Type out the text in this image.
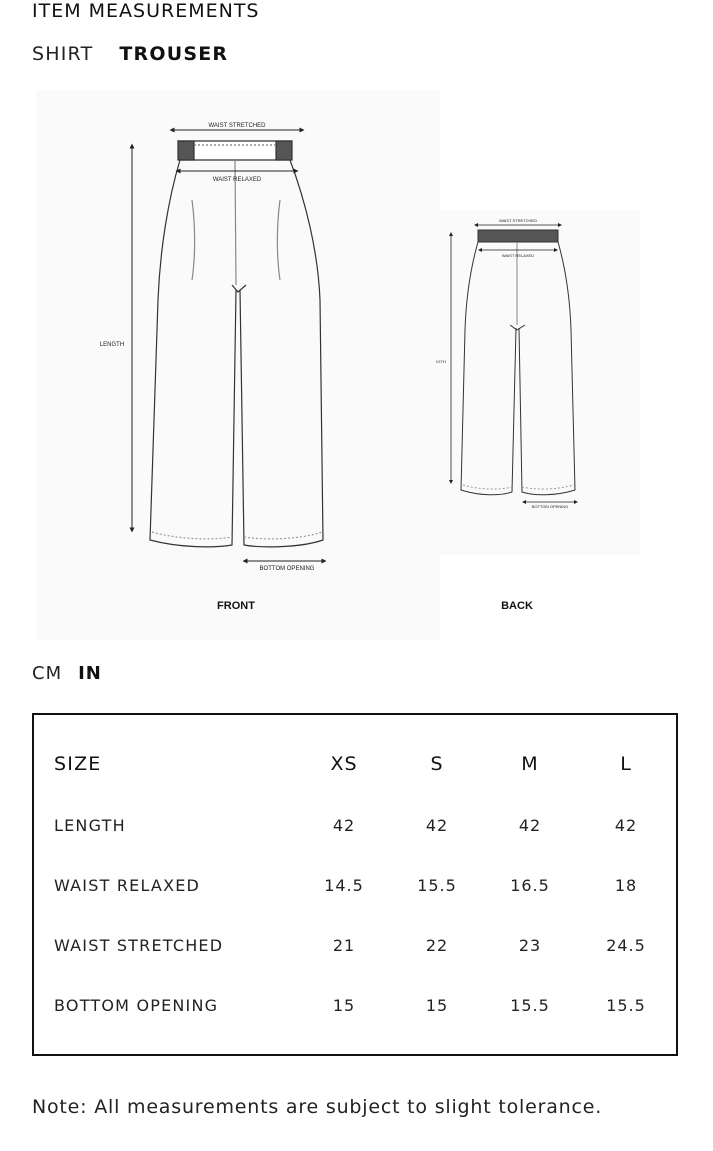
ITEM MEASUREMENTS
SHIRT TROUSER
WAIST STRETCHED
WAIST RELAXED
LENGTH
BOTTOM OPENING
FRONT
WAIST STRETCHED
WAIST RELAXED
IGTH
BOTTOM OPENING
BACK
CM IN
SIZE	XS	S	M	L
LENGTH	42	42	42	42
WAIST RELAXED	14.5	15.5	16.5	18
WAIST STRETCHED	21	22	23	24.5
BOTTOM OPENING	15	15	15.5	15.5
Note: All measurements are subject to slight tolerance.
